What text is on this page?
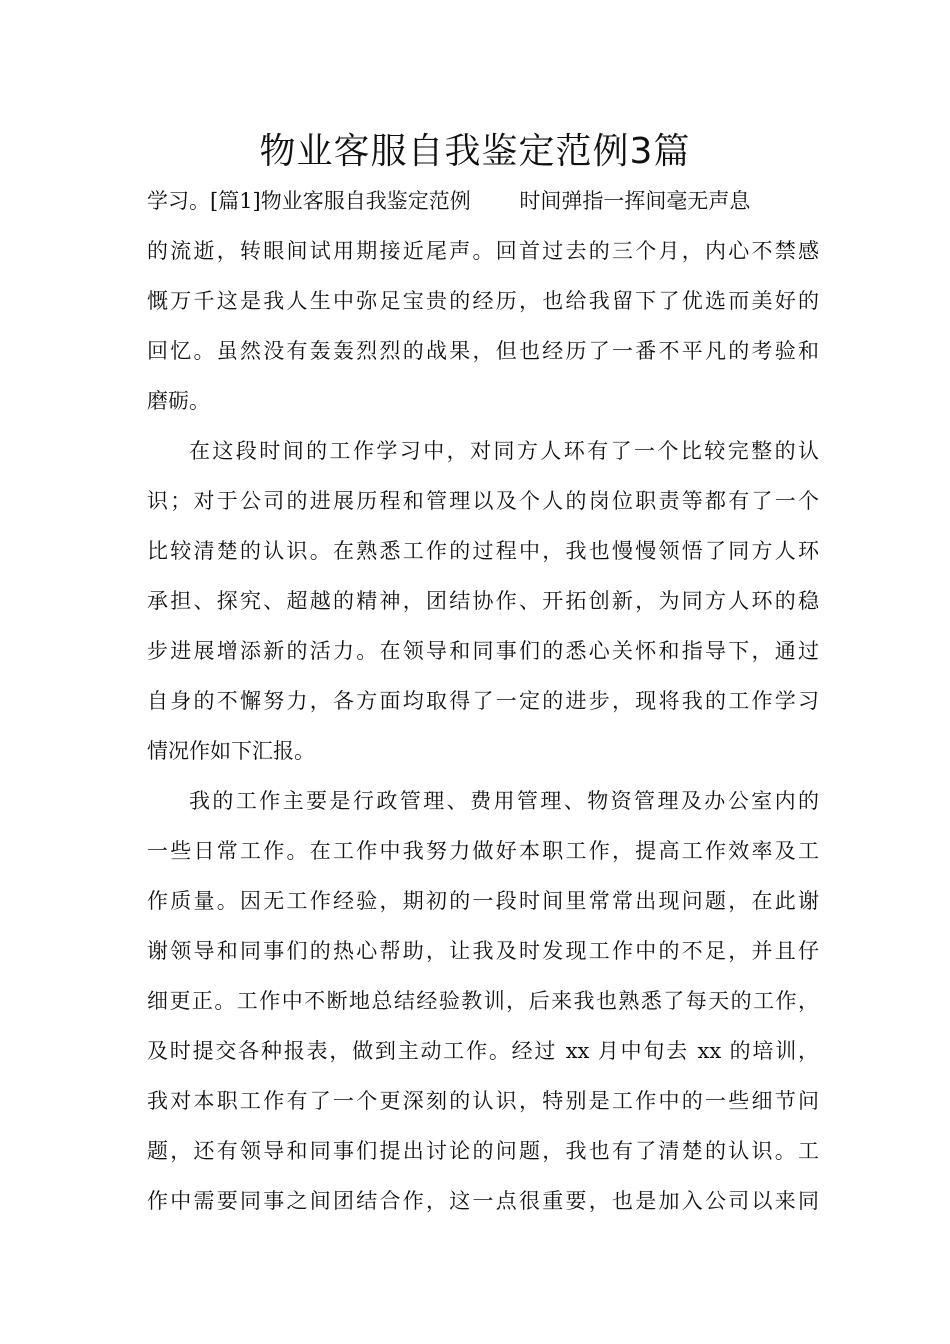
物业客服自我鉴定范例3篇
学习。[篇1]物业客服自我鉴定范例　　 时间弹指一挥间毫无声息
的流逝，转眼间试用期接近尾声。回首过去的三个月，内心不禁感
慨万千这是我人生中弥足宝贵的经历，也给我留下了优选而美好的
回忆。虽然没有轰轰烈烈的战果，但也经历了一番不平凡的考验和
磨砺。
在这段时间的工作学习中，对同方人环有了一个比较完整的认
识；对于公司的进展历程和管理以及个人的岗位职责等都有了一个
比较清楚的认识。在熟悉工作的过程中，我也慢慢领悟了同方人环
承担、探究、超越的精神，团结协作、开拓创新，为同方人环的稳
步进展增添新的活力。在领导和同事们的悉心关怀和指导下，通过
自身的不懈努力，各方面均取得了一定的进步，现将我的工作学习
情况作如下汇报。
我的工作主要是行政管理、费用管理、物资管理及办公室内的
一些日常工作。在工作中我努力做好本职工作，提高工作效率及工
作质量。因无工作经验，期初的一段时间里常常出现问题，在此谢
谢领导和同事们的热心帮助，让我及时发现工作中的不足，并且仔
细更正。工作中不断地总结经验教训，后来我也熟悉了每天的工作，
及时提交各种报表，做到主动工作。经过 xx 月中旬去 xx 的培训，
我对本职工作有了一个更深刻的认识，特别是工作中的一些细节问
题，还有领导和同事们提出讨论的问题，我也有了清楚的认识。工
作中需要同事之间团结合作，这一点很重要，也是加入公司以来同
